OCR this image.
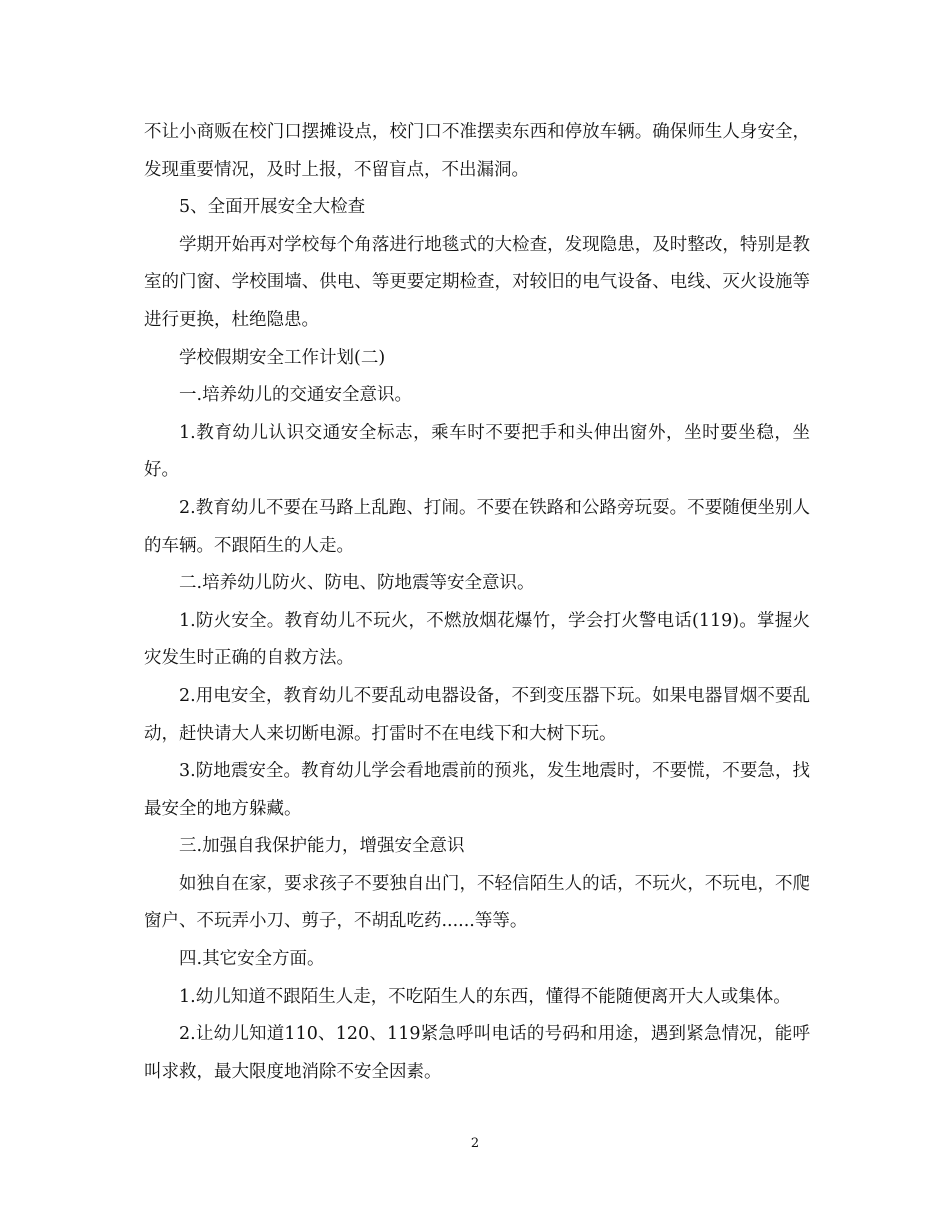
不让小商贩在校门口摆摊设点，校门口不准摆卖东西和停放车辆。确保师生人身安全，发现重要情况，及时上报，不留盲点，不出漏洞。

5、全面开展安全大检查

学期开始再对学校每个角落进行地毯式的大检查，发现隐患，及时整改，特别是教室的门窗、学校围墙、供电、等更要定期检查，对较旧的电气设备、电线、灭火设施等进行更换，杜绝隐患。

学校假期安全工作计划(二)

一.培养幼儿的交通安全意识。

1.教育幼儿认识交通安全标志，乘车时不要把手和头伸出窗外，坐时要坐稳，坐好。

2.教育幼儿不要在马路上乱跑、打闹。不要在铁路和公路旁玩耍。不要随便坐别人的车辆。不跟陌生的人走。

二.培养幼儿防火、防电、防地震等安全意识。

1.防火安全。教育幼儿不玩火，不燃放烟花爆竹，学会打火警电话(119)。掌握火灾发生时正确的自救方法。

2.用电安全，教育幼儿不要乱动电器设备，不到变压器下玩。如果电器冒烟不要乱动，赶快请大人来切断电源。打雷时不在电线下和大树下玩。

3.防地震安全。教育幼儿学会看地震前的预兆，发生地震时，不要慌，不要急，找最安全的地方躲藏。

三.加强自我保护能力，增强安全意识

如独自在家，要求孩子不要独自出门，不轻信陌生人的话，不玩火，不玩电，不爬窗户、不玩弄小刀、剪子，不胡乱吃药......等等。

四.其它安全方面。

1.幼儿知道不跟陌生人走，不吃陌生人的东西，懂得不能随便离开大人或集体。

2.让幼儿知道110、120、119紧急呼叫电话的号码和用途，遇到紧急情况，能呼叫求救，最大限度地消除不安全因素。

2
